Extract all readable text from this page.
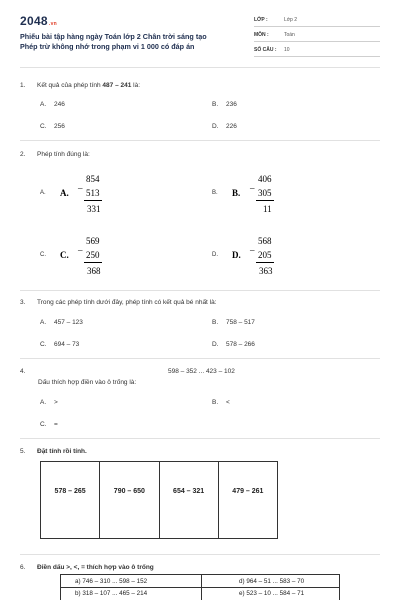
2048.vn
Phiếu bài tập hàng ngày Toán lớp 2 Chân trời sáng tạo
Phép trừ không nhớ trong phạm vi 1 000 có đáp án
LỚP :	Lớp 2
MÔN :	Toán
SỐ CÂU : 10
1. Kết quả của phép tính 487 – 241 là:
A. 246	B. 236
C. 256	D. 226
2. Phép tính đúng là:
A. A. –
854
513
331
B. B. –
406
305
11
C. C. –
569
250
368
D. D. –
568
205
363
3. Trong các phép tính dưới đây, phép tính có kết quả bé nhất là:
A. 457 – 123	B. 758 – 517
C. 694 – 73	D. 578 – 266
4.	598 – 352 ... 423 – 102
Dấu thích hợp điền vào ô trống là:
A. >	B. <
C. =
5. Đặt tính rồi tính.
578 – 265	790 – 650	654 – 321	479 – 261
6. Điền dấu >, <, = thích hợp vào ô trống
a) 746 – 310 ... 598 – 152	d) 964 – 51 ... 583 – 70
b) 318 – 107 ... 465 – 214	e) 523 – 10 ... 584 – 71
